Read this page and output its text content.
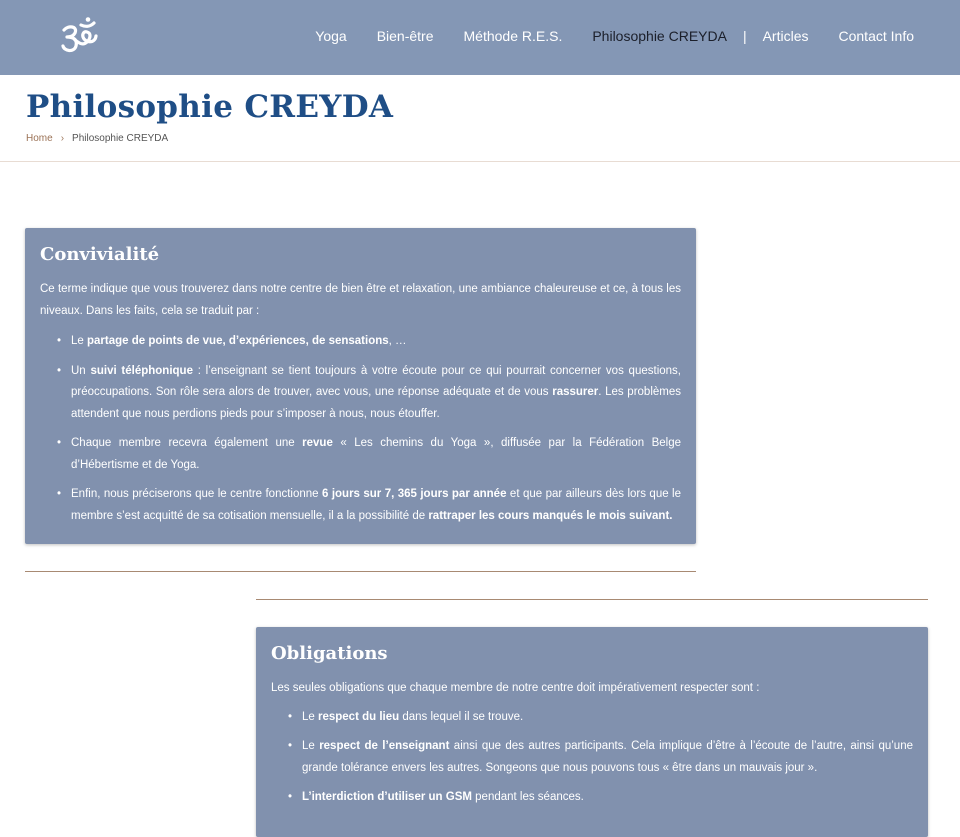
Yoga Bien-être Méthode R.E.S. Philosophie CREYDA | Articles Contact Info
Philosophie CREYDA
Home › Philosophie CREYDA
Convivialité

Ce terme indique que vous trouverez dans notre centre de bien être et relaxation, une ambiance chaleureuse et ce, à tous les niveaux. Dans les faits, cela se traduit par :

• Le partage de points de vue, d’expériences, de sensations, …
• Un suivi téléphonique : l’enseignant se tient toujours à votre écoute pour ce qui pourrait concerner vos questions, préoccupations. Son rôle sera alors de trouver, avec vous, une réponse adéquate et de vous rassurer. Les problèmes attendent que nous perdions pieds pour s’imposer à nous, nous étouffer.
• Chaque membre recevra également une revue « Les chemins du Yoga », diffusée par la Fédération Belge d’Hébertisme et de Yoga.
• Enfin, nous préciserons que le centre fonctionne 6 jours sur 7, 365 jours par année et que par ailleurs dès lors que le membre s’est acquitté de sa cotisation mensuelle, il a la possibilité de rattraper les cours manqués le mois suivant.
Obligations

Les seules obligations que chaque membre de notre centre doit impérativement respecter sont :

• Le respect du lieu dans lequel il se trouve.
• Le respect de l’enseignant ainsi que des autres participants. Cela implique d’être à l’écoute de l’autre, ainsi qu’une grande tolérance envers les autres. Songeons que nous pouvons tous « être dans un mauvais jour ».
• L’interdiction d’utiliser un GSM pendant les séances.
